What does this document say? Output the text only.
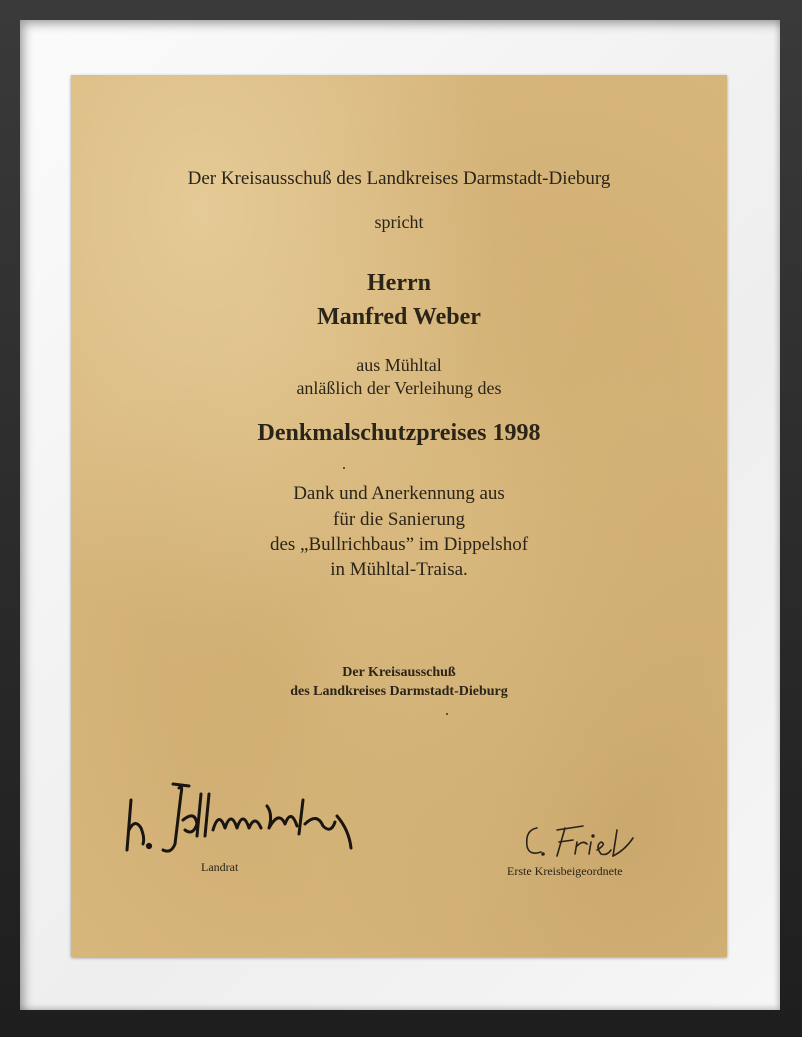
Der Kreisausschuß des Landkreises Darmstadt-Dieburg
spricht
Herrn
Manfred Weber
aus Mühltal
anläßlich der Verleihung des
Denkmalschutzpreises 1998
Dank und Anerkennung aus
für die Sanierung
des „Bullrichbaus” im Dippelshof
in Mühltal-Traisa.
Der Kreisausschuß
des Landkreises Darmstadt-Dieburg
Landrat	Erste Kreisbeigeordnete
